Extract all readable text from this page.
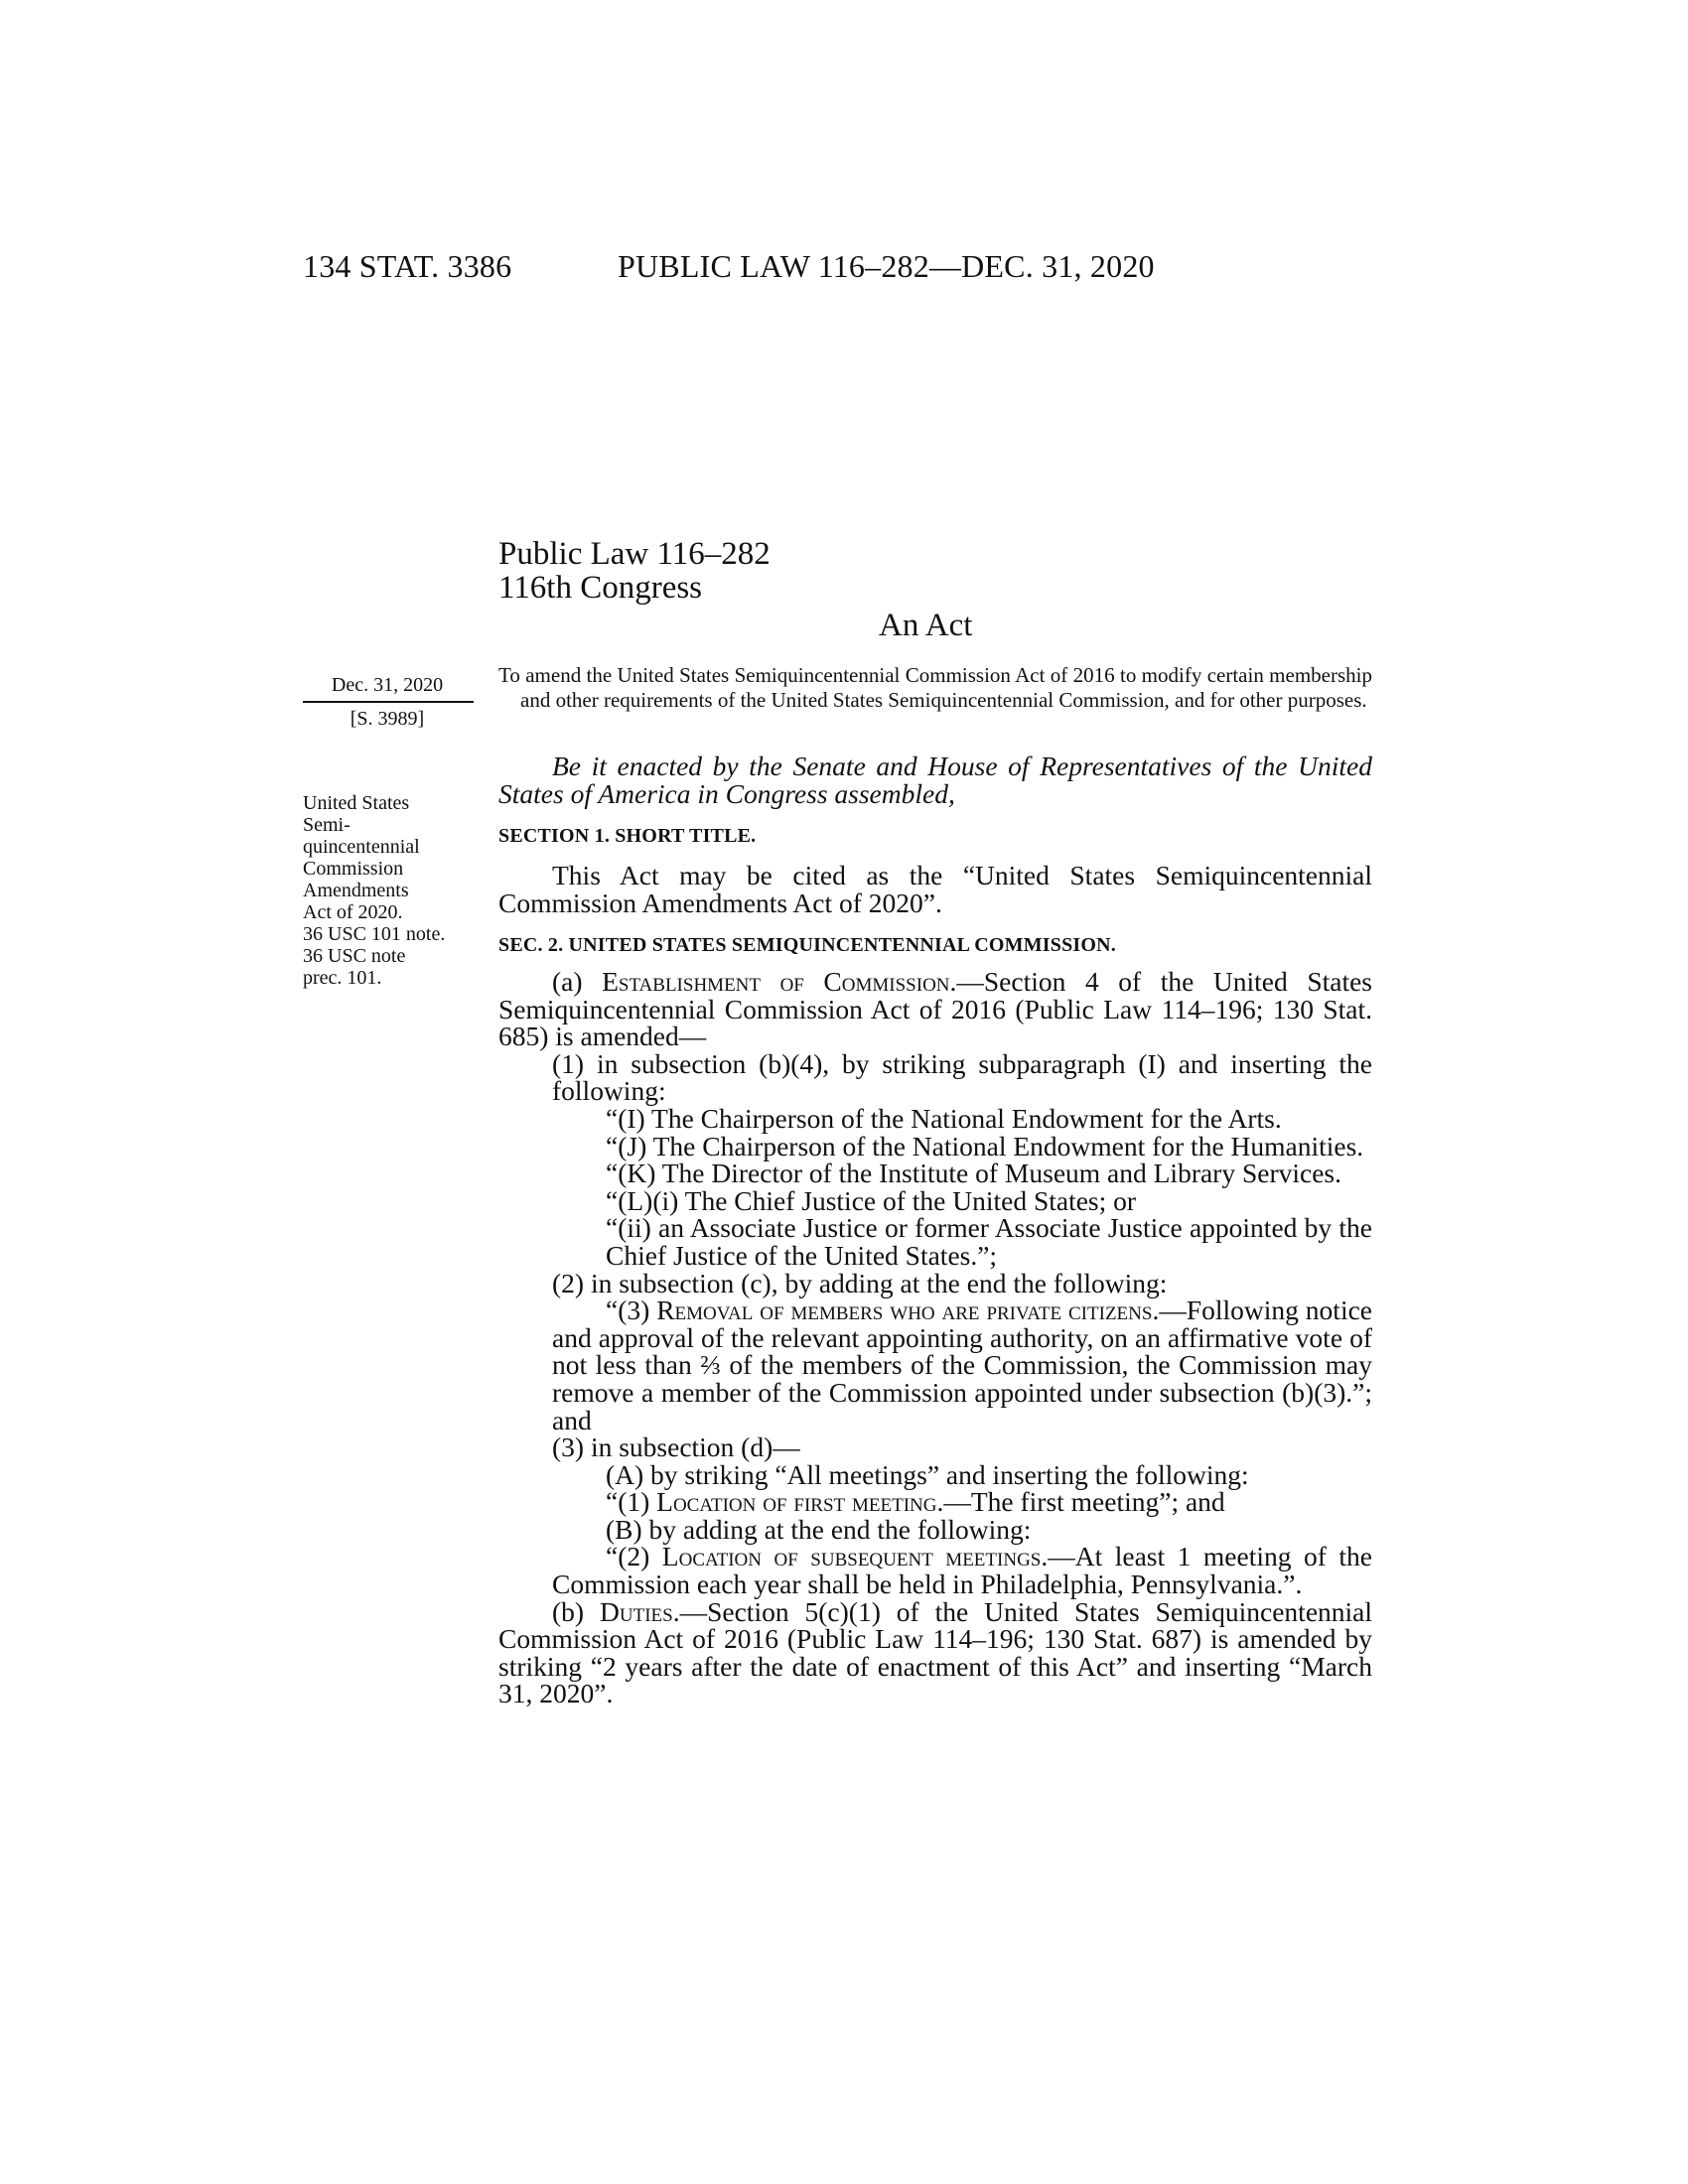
134 STAT. 3386	PUBLIC LAW 116–282—DEC. 31, 2020
Public Law 116–282
116th Congress
An Act
Dec. 31, 2020
[S. 3989]
United States
Semi-
quincentennial
Commission
Amendments
Act of 2020.
36 USC 101 note.
36 USC note
prec. 101.

To amend the United States Semiquincentennial Commission Act of 2016 to modify certain membership and other requirements of the United States Semiquincentennial Commission, and for other purposes.

Be it enacted by the Senate and House of Representatives of the United States of America in Congress assembled,

SECTION 1. SHORT TITLE.

This Act may be cited as the “United States Semiquincentennial Commission Amendments Act of 2020”.

SEC. 2. UNITED STATES SEMIQUINCENTENNIAL COMMISSION.

(a) Establishment of Commission.—Section 4 of the United States Semiquincentennial Commission Act of 2016 (Public Law 114–196; 130 Stat. 685) is amended—

(1) in subsection (b)(4), by striking subparagraph (I) and inserting the following:

“(I) The Chairperson of the National Endowment for the Arts.

“(J) The Chairperson of the National Endowment for the Humanities.

“(K) The Director of the Institute of Museum and Library Services.

“(L)(i) The Chief Justice of the United States; or

“(ii) an Associate Justice or former Associate Justice appointed by the Chief Justice of the United States.”;

(2) in subsection (c), by adding at the end the following:

“(3) Removal of members who are private citizens.—Following notice and approval of the relevant appointing authority, on an affirmative vote of not less than ⅔ of the members of the Commission, the Commission may remove a member of the Commission appointed under subsection (b)(3).”; and

(3) in subsection (d)—

(A) by striking “All meetings” and inserting the following:

“(1) Location of first meeting.—The first meeting”; and

(B) by adding at the end the following:

“(2) Location of subsequent meetings.—At least 1 meeting of the Commission each year shall be held in Philadelphia, Pennsylvania.”.

(b) Duties.—Section 5(c)(1) of the United States Semiquincentennial Commission Act of 2016 (Public Law 114–196; 130 Stat. 687) is amended by striking “2 years after the date of enactment of this Act” and inserting “March 31, 2020”.
